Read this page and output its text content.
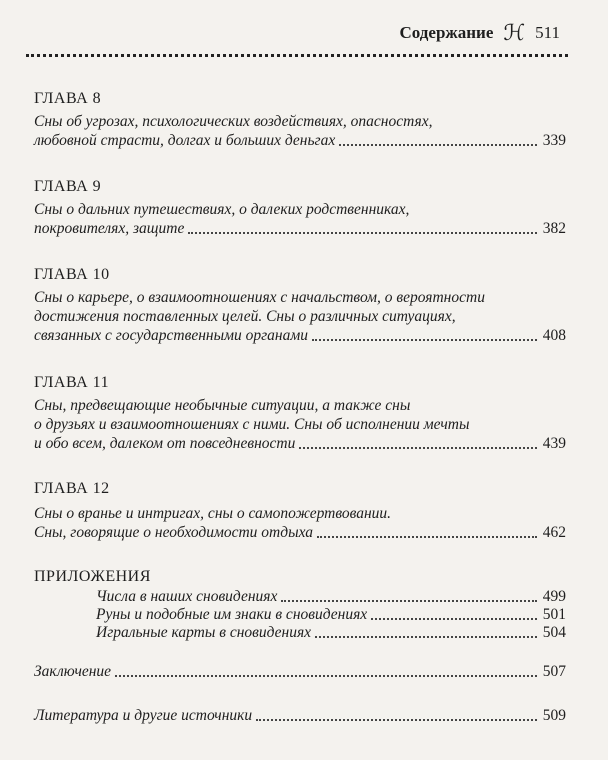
Содержание ℋ 511
ГЛАВА 8
Сны об угрозах, психологических воздействиях, опасностях,
любовной страсти, долгах и больших деньгах	339
ГЛАВА 9
Сны о дальних путешествиях, о далеких родственниках,
покровителях, защите	382
ГЛАВА 10
Сны о карьере, о взаимоотношениях с начальством, о вероятности
достижения поставленных целей. Сны о различных ситуациях,
связанных с государственными органами	408
ГЛАВА 11
Сны, предвещающие необычные ситуации, а также сны
о друзьях и взаимоотношениях с ними. Сны об исполнении мечты
и обо всем, далеком от повседневности	439
ГЛАВА 12
Сны о вранье и интригах, сны о самопожертвовании.
Сны, говорящие о необходимости отдыха	462
ПРИЛОЖЕНИЯ
Числа в наших сновидениях	499
Руны и подобные им знаки в сновидениях	501
Игральные карты в сновидениях	504
Заключение	507
Литература и другие источники	509
